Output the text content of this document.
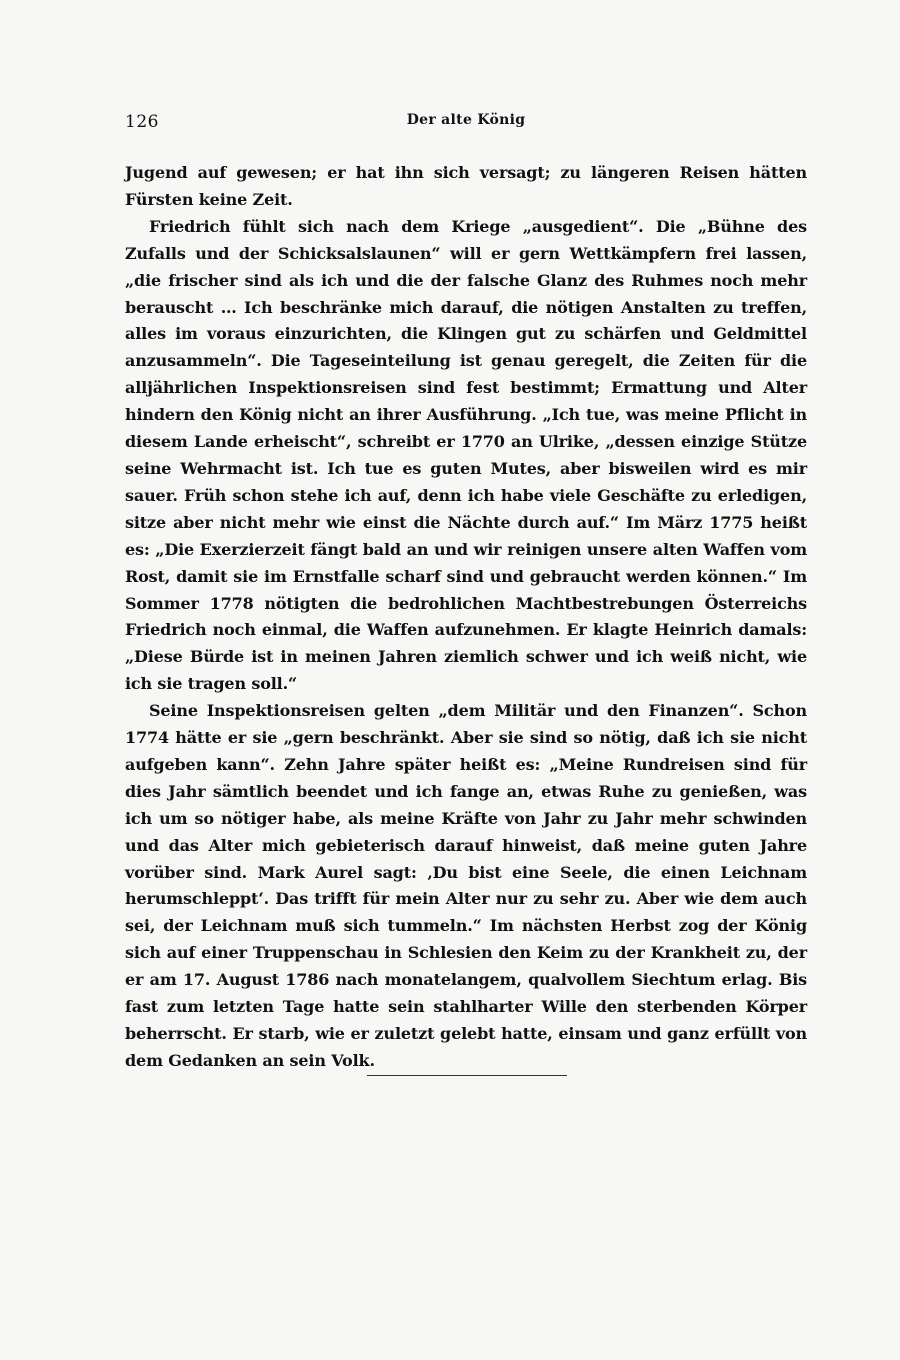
126	Der alte König

Jugend auf gewesen; er hat ihn sich versagt; zu längeren Reisen hätten Fürsten keine Zeit.

Friedrich fühlt sich nach dem Kriege „ausgedient“. Die „Bühne des Zufalls und der Schicksalslaunen“ will er gern Wettkämpfern frei lassen, „die frischer sind als ich und die der falsche Glanz des Ruhmes noch mehr berauscht … Ich beschränke mich darauf, die nötigen Anstalten zu treffen, alles im voraus einzurichten, die Klingen gut zu schärfen und Geldmittel anzusammeln“. Die Tageseinteilung ist genau geregelt, die Zeiten für die alljährlichen Inspektionsreisen sind fest bestimmt; Ermattung und Alter hindern den König nicht an ihrer Ausführung. „Ich tue, was meine Pflicht in diesem Lande erheischt“, schreibt er 1770 an Ulrike, „dessen einzige Stütze seine Wehrmacht ist. Ich tue es guten Mutes, aber bisweilen wird es mir sauer. Früh schon stehe ich auf, denn ich habe viele Geschäfte zu erledigen, sitze aber nicht mehr wie einst die Nächte durch auf.“ Im März 1775 heißt es: „Die Exerzierzeit fängt bald an und wir reinigen unsere alten Waffen vom Rost, damit sie im Ernstfalle scharf sind und gebraucht werden können.“ Im Sommer 1778 nötigten die bedrohlichen Machtbestrebungen Österreichs Friedrich noch einmal, die Waffen aufzunehmen. Er klagte Heinrich damals: „Diese Bürde ist in meinen Jahren ziemlich schwer und ich weiß nicht, wie ich sie tragen soll.“

Seine Inspektionsreisen gelten „dem Militär und den Finanzen“. Schon 1774 hätte er sie „gern beschränkt. Aber sie sind so nötig, daß ich sie nicht aufgeben kann“. Zehn Jahre später heißt es: „Meine Rundreisen sind für dies Jahr sämtlich beendet und ich fange an, etwas Ruhe zu genießen, was ich um so nötiger habe, als meine Kräfte von Jahr zu Jahr mehr schwinden und das Alter mich gebieterisch darauf hinweist, daß meine guten Jahre vorüber sind. Mark Aurel sagt: ‚Du bist eine Seele, die einen Leichnam herumschleppt‘. Das trifft für mein Alter nur zu sehr zu. Aber wie dem auch sei, der Leichnam muß sich tummeln.“ Im nächsten Herbst zog der König sich auf einer Truppenschau in Schlesien den Keim zu der Krankheit zu, der er am 17. August 1786 nach monatelangem, qualvollem Siechtum erlag. Bis fast zum letzten Tage hatte sein stahlharter Wille den sterbenden Körper beherrscht. Er starb, wie er zuletzt gelebt hatte, einsam und ganz erfüllt von dem Gedanken an sein Volk.
